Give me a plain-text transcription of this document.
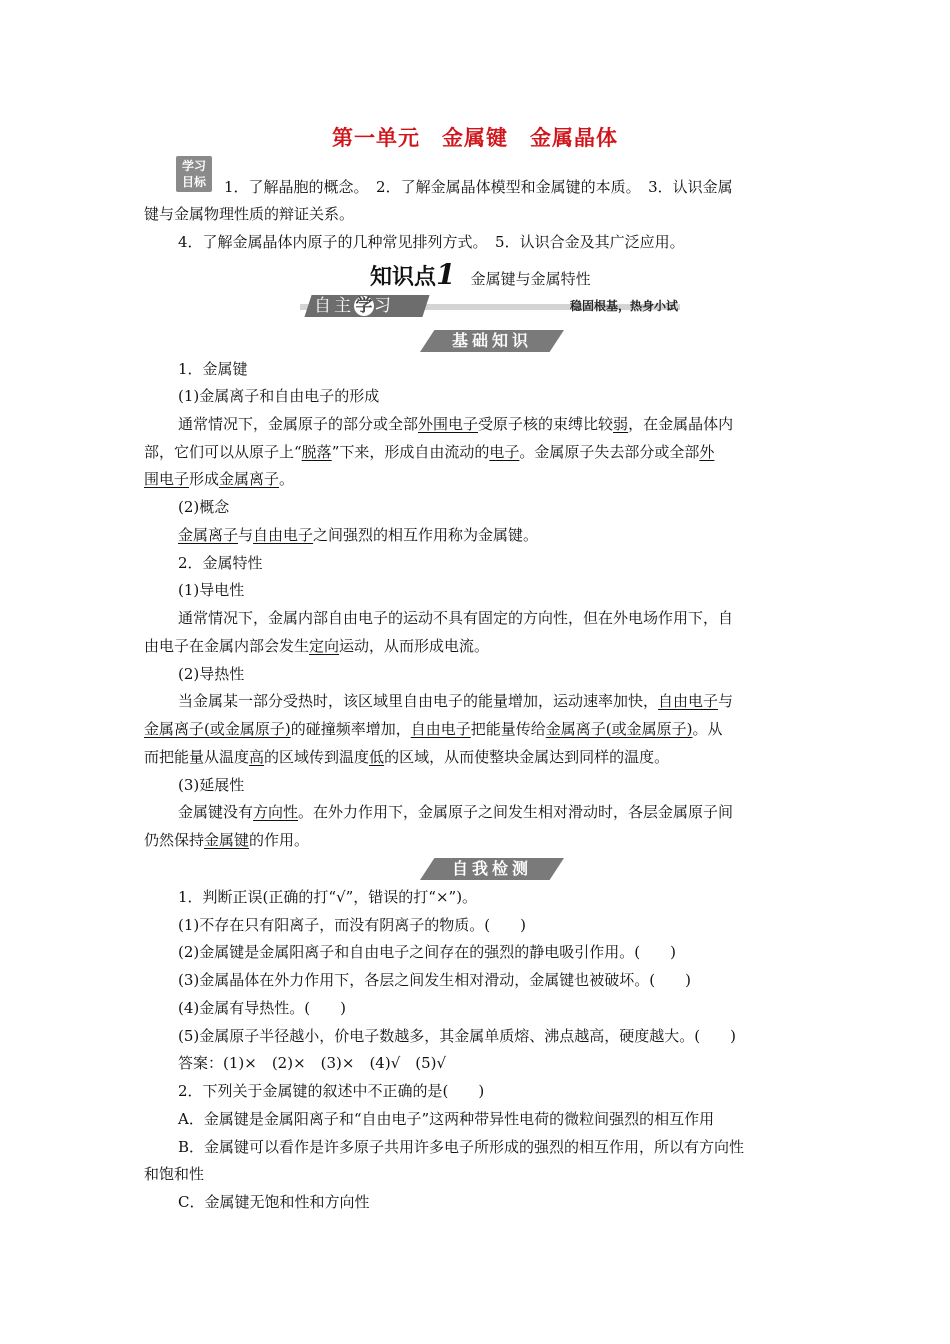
第一单元　金属键　金属晶体
学习
目标	1．了解晶胞的概念。　2．了解金属晶体模型和金属键的本质。　3．认识金属
键与金属物理性质的辩证关系。
4．了解金属晶体内原子的几种常见排列方式。　5．认识合金及其广泛应用。
知识点1 金属键与金属特性
自主学习	稳固根基，热身小试
基础知识
1．金属键
(1)金属离子和自由电子的形成
通常情况下，金属原子的部分或全部外围电子受原子核的束缚比较弱，在金属晶体内
部，它们可以从原子上“脱落”下来，形成自由流动的电子。金属原子失去部分或全部外
围电子形成金属离子。
(2)概念
金属离子与自由电子之间强烈的相互作用称为金属键。
2．金属特性
(1)导电性
通常情况下，金属内部自由电子的运动不具有固定的方向性，但在外电场作用下，自
由电子在金属内部会发生定向运动，从而形成电流。
(2)导热性
当金属某一部分受热时，该区域里自由电子的能量增加，运动速率加快，自由电子与
金属离子(或金属原子)的碰撞频率增加，自由电子把能量传给金属离子(或金属原子)。从
而把能量从温度高的区域传到温度低的区域，从而使整块金属达到同样的温度。
(3)延展性
金属键没有方向性。在外力作用下，金属原子之间发生相对滑动时，各层金属原子间
仍然保持金属键的作用。
自我检测
1．判断正误(正确的打“√”，错误的打“×”)。
(1)不存在只有阳离子，而没有阴离子的物质。(　　)
(2)金属键是金属阳离子和自由电子之间存在的强烈的静电吸引作用。(　　)
(3)金属晶体在外力作用下，各层之间发生相对滑动，金属键也被破坏。(　　)
(4)金属有导热性。(　　)
(5)金属原子半径越小，价电子数越多，其金属单质熔、沸点越高，硬度越大。(　　)
答案：(1)×　(2)×　(3)×　(4)√　(5)√
2．下列关于金属键的叙述中不正确的是(　　)
A．金属键是金属阳离子和“自由电子”这两种带异性电荷的微粒间强烈的相互作用
B．金属键可以看作是许多原子共用许多电子所形成的强烈的相互作用，所以有方向性
和饱和性
C．金属键无饱和性和方向性
